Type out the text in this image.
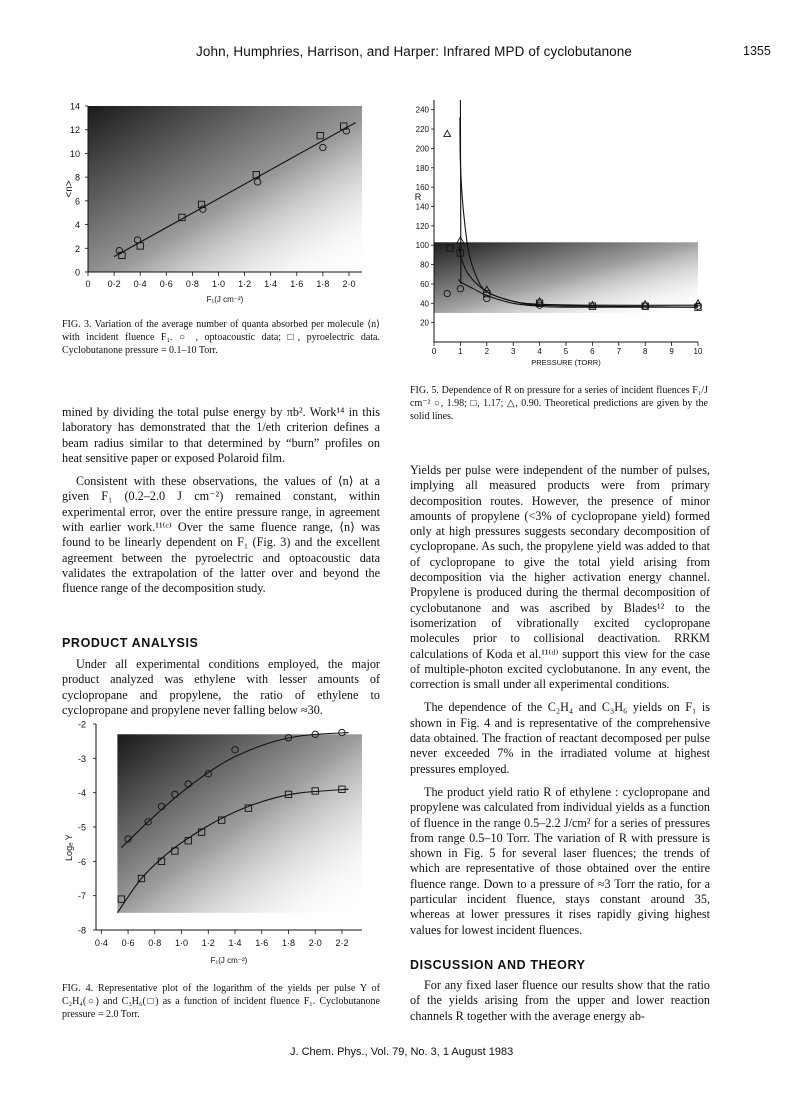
John, Humphries, Harrison, and Harper: Infrared MPD of cyclobutanone	1355
0 0·2 0·4 0·6 0·8 1·0 1·2 1·4 1·6 1·8 2·0
0
2
4
6
8
10
12
14
F₁(J cm⁻²)
<n>
FIG. 3. Variation of the average number of quanta absorbed per molecule ⟨n⟩ with incident fluence F₁. ○ , optoacoustic data; □, pyroelectric data. Cyclobutanone pressure = 0.1–10 Torr.	0	1	2	3	4	5	6	7	8	9 10
20
40
60
80
100
120
140
160
180
200
220
240
PRESSURE (TORR)
R
FIG. 5. Dependence of R on pressure for a series of incident fluences F₁/J cm⁻² ○, 1.98; □, 1.17; △, 0.90. Theoretical predictions are given by the solid lines.

mined by dividing the total pulse energy by πb². Work¹⁴ in this laboratory has demonstrated that the 1/eth criterion defines a beam radius similar to that determined by “burn” profiles on heat sensitive paper or exposed Polaroid film.

Consistent with these observations, the values of ⟨n⟩ at a given F₁ (0.2–2.0 J cm⁻²) remained constant, within experimental error, over the entire pressure range, in agreement with earlier work.¹¹⁽ᶜ⁾ Over the same fluence range, ⟨n⟩ was found to be linearly dependent on F₁ (Fig. 3) and the excellent agreement between the pyroelectric and optoacoustic data validates the extrapolation of the latter over and beyond the fluence range of the decomposition study.

PRODUCT ANALYSIS

Under all experimental conditions employed, the major product analyzed was ethylene with lesser amounts of cyclopropane and propylene, the ratio of ethylene to cyclopropane and propylene never falling below ≈30.

0·4 0·6 0·8 1·0 1·2 1·4 1·6 1·8 2·0 2·2
-2
-3
-4
-5
-6
-7
-8
F₁(J cm⁻²)
Logₑ Y
FIG. 4. Representative plot of the logarithm of the yields per pulse Y of C₂H₄(○) and C₃H₆(□) as a function of incident fluence F₁. Cyclobutanone pressure = 2.0 Torr.

Yields per pulse were independent of the number of pulses, implying all measured products were from primary decomposition routes. However, the presence of minor amounts of propylene (<3% of cyclopropane yield) formed only at high pressures suggests secondary decomposition of cyclopropane. As such, the propylene yield was added to that of cyclopropane to give the total yield arising from decomposition via the higher activation energy channel. Propylene is produced during the thermal decomposition of cyclobutanone and was ascribed by Blades¹² to the isomerization of vibrationally excited cyclopropane molecules prior to collisional deactivation. RRKM calculations of Koda et al.¹¹⁽ᵈ⁾ support this view for the case of multiple-photon excited cyclobutanone. In any event, the correction is small under all experimental conditions.

The dependence of the C₂H₄ and C₃H₆ yields on F₁ is shown in Fig. 4 and is representative of the comprehensive data obtained. The fraction of reactant decomposed per pulse never exceeded 7% in the irradiated volume at highest pressures employed.

The product yield ratio R of ethylene : cyclopropane and propylene was calculated from individual yields as a function of fluence in the range 0.5–2.2 J/cm² for a series of pressures from range 0.5–10 Torr. The variation of R with pressure is shown in Fig. 5 for several laser fluences; the trends of which are representative of those obtained over the entire fluence range. Down to a pressure of ≈3 Torr the ratio, for a particular incident fluence, stays constant around 35, whereas at lower pressures it rises rapidly giving highest values for lowest incident fluences.

DISCUSSION AND THEORY

For any fixed laser fluence our results show that the ratio of the yields arising from the upper and lower reaction channels R together with the average energy ab-

J. Chem. Phys., Vol. 79, No. 3, 1 August 1983
